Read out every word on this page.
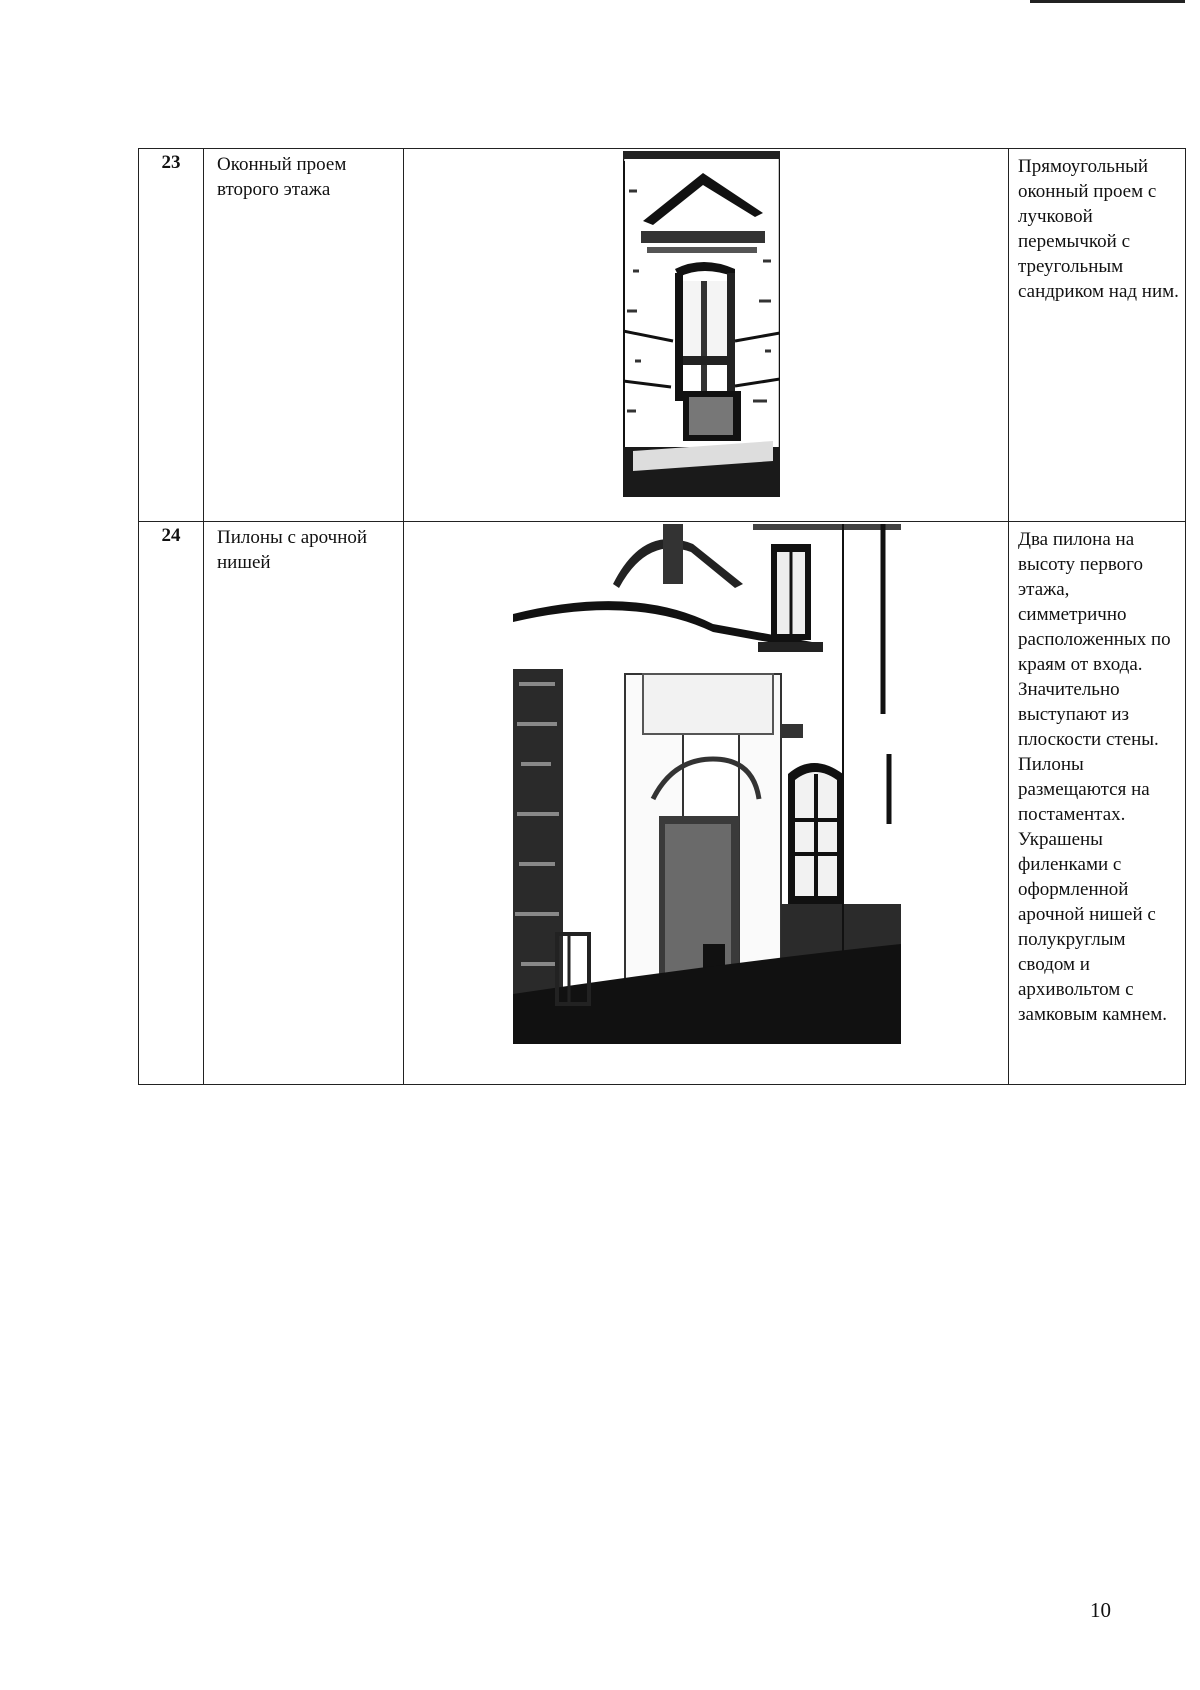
23	Оконный проем второго этажа		Прямоугольный оконный проем с лучковой перемычкой с треугольным сандриком над ним.

24	Пилоны с арочной нишей		Два пилона на высоту первого этажа, симметрично расположенных по краям от входа. Значительно выступают из плоскости стены. Пилоны размещаются на постаментах. Украшены филенками с оформленной арочной нишей с полукруглым сводом и архивольтом с замковым камнем.
10
